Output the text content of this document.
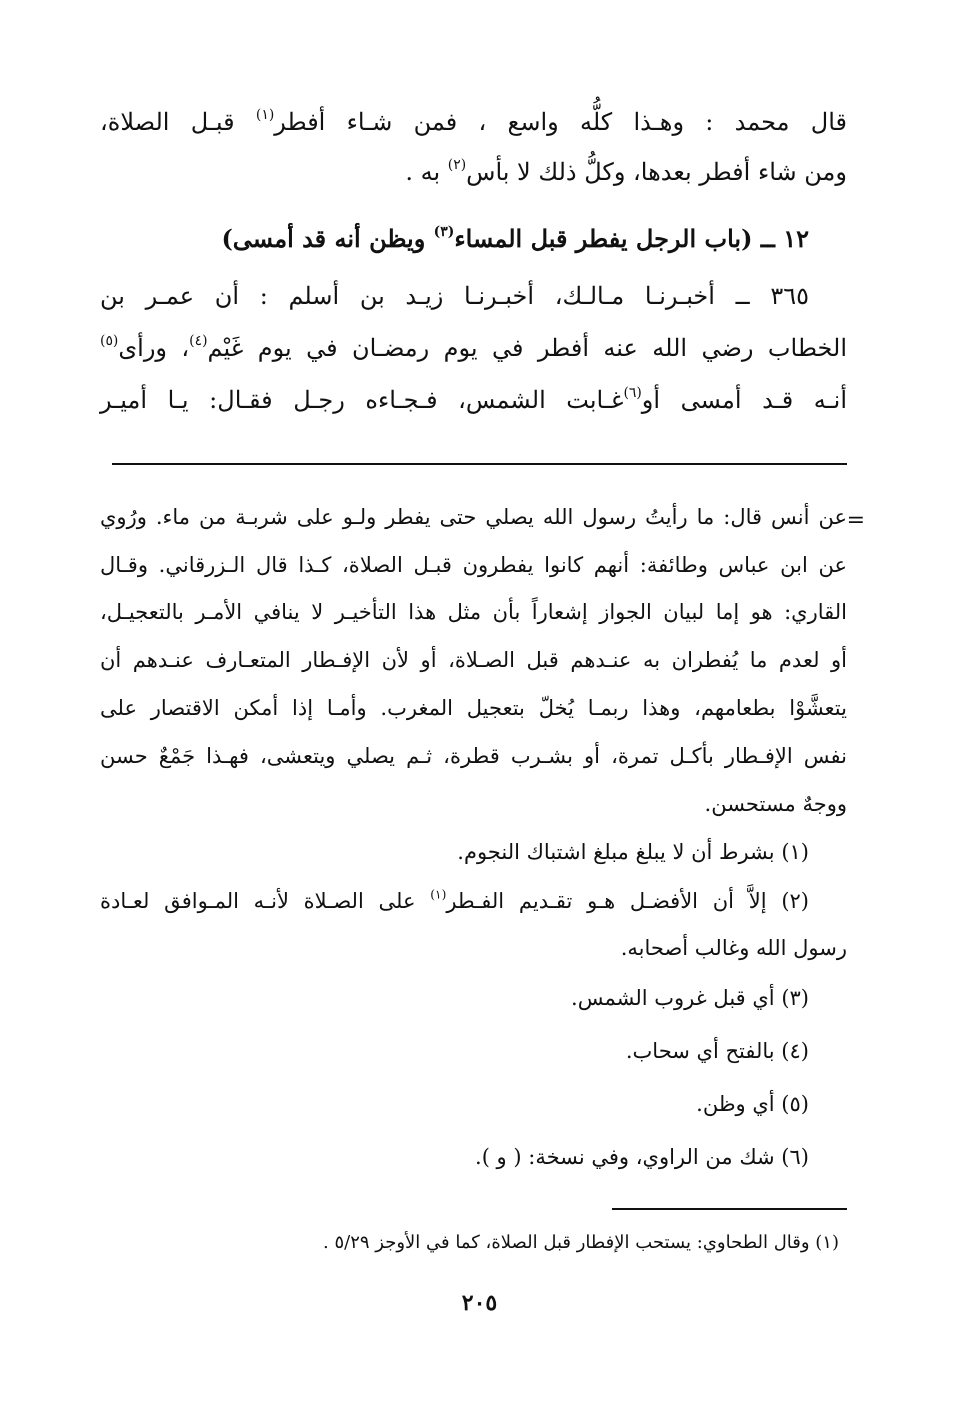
قال محمد : وهـذا كلُّه واسع ، فمن شـاء أفطر$^{(١)}$ قبـل الصلاة،
ومن شاء أفطر بعدها، وكلُّ ذلك لا بأس$^{(٢)}$ به .
١٢ ــ (باب الرجل يفطر قبل المساء$^{(٣)}$ ويظن أنه قد أمسى)
٣٦٥ ــ أخبـرنـا مـالـك، أخبـرنـا زيـد بن أسلم : أن عمـر بن
الخطاب رضي الله عنه أفطر في يوم رمضـان في يوم غَيْم$^{(٤)}$، ورأى$^{(٥)}$
أنـه قـد أمسى أو$^{(٦)}$غـابت الشمس، فـجـاءه رجـل فقـال: يـا أميـر
=
عن أنس قال: ما رأيتُ رسول الله يصلي حتى يفطر ولـو على شربـة من ماء. ورُوي
عن ابن عباس وطائفة: أنهم كانوا يفطرون قبـل الصلاة، كـذا قال الـزرقاني. وقـال
القاري: هو إما لبيان الجواز إشعاراً بأن مثل هذا التأخيـر لا ينافي الأمـر بالتعجيـل،
أو لعدم ما يُفطران به عنـدهم قبل الصـلاة، أو لأن الإفـطار المتعـارف عنـدهم أن
يتعشَّوْا بطعامهم، وهذا ربمـا يُخلّ بتعجيل المغرب. وأمـا إذا أمكن الاقتصار على
نفس الإفـطار بأكـل تمرة، أو بشـرب قطرة، ثـم يصلي ويتعشى، فهـذا جَمْعٌ حسن
ووجهٌ مستحسن.
(١) بشرط أن لا يبلغ مبلغ اشتباك النجوم.
(٢) إلاَّ أن الأفضـل هـو تقـديم الفـطر$^{(١)}$ على الصـلاة لأنـه المـوافق لعـادة
رسول الله وغالب أصحابه.
(٣) أي قبل غروب الشمس.
(٤) بالفتح أي سحاب.
(٥) أي وظن.
(٦) شك من الراوي، وفي نسخة: ( و ).
(١) وقال الطحاوي: يستحب الإفطار قبل الصلاة، كما في الأوجز ٥/٢٩ .
٢٠٥
